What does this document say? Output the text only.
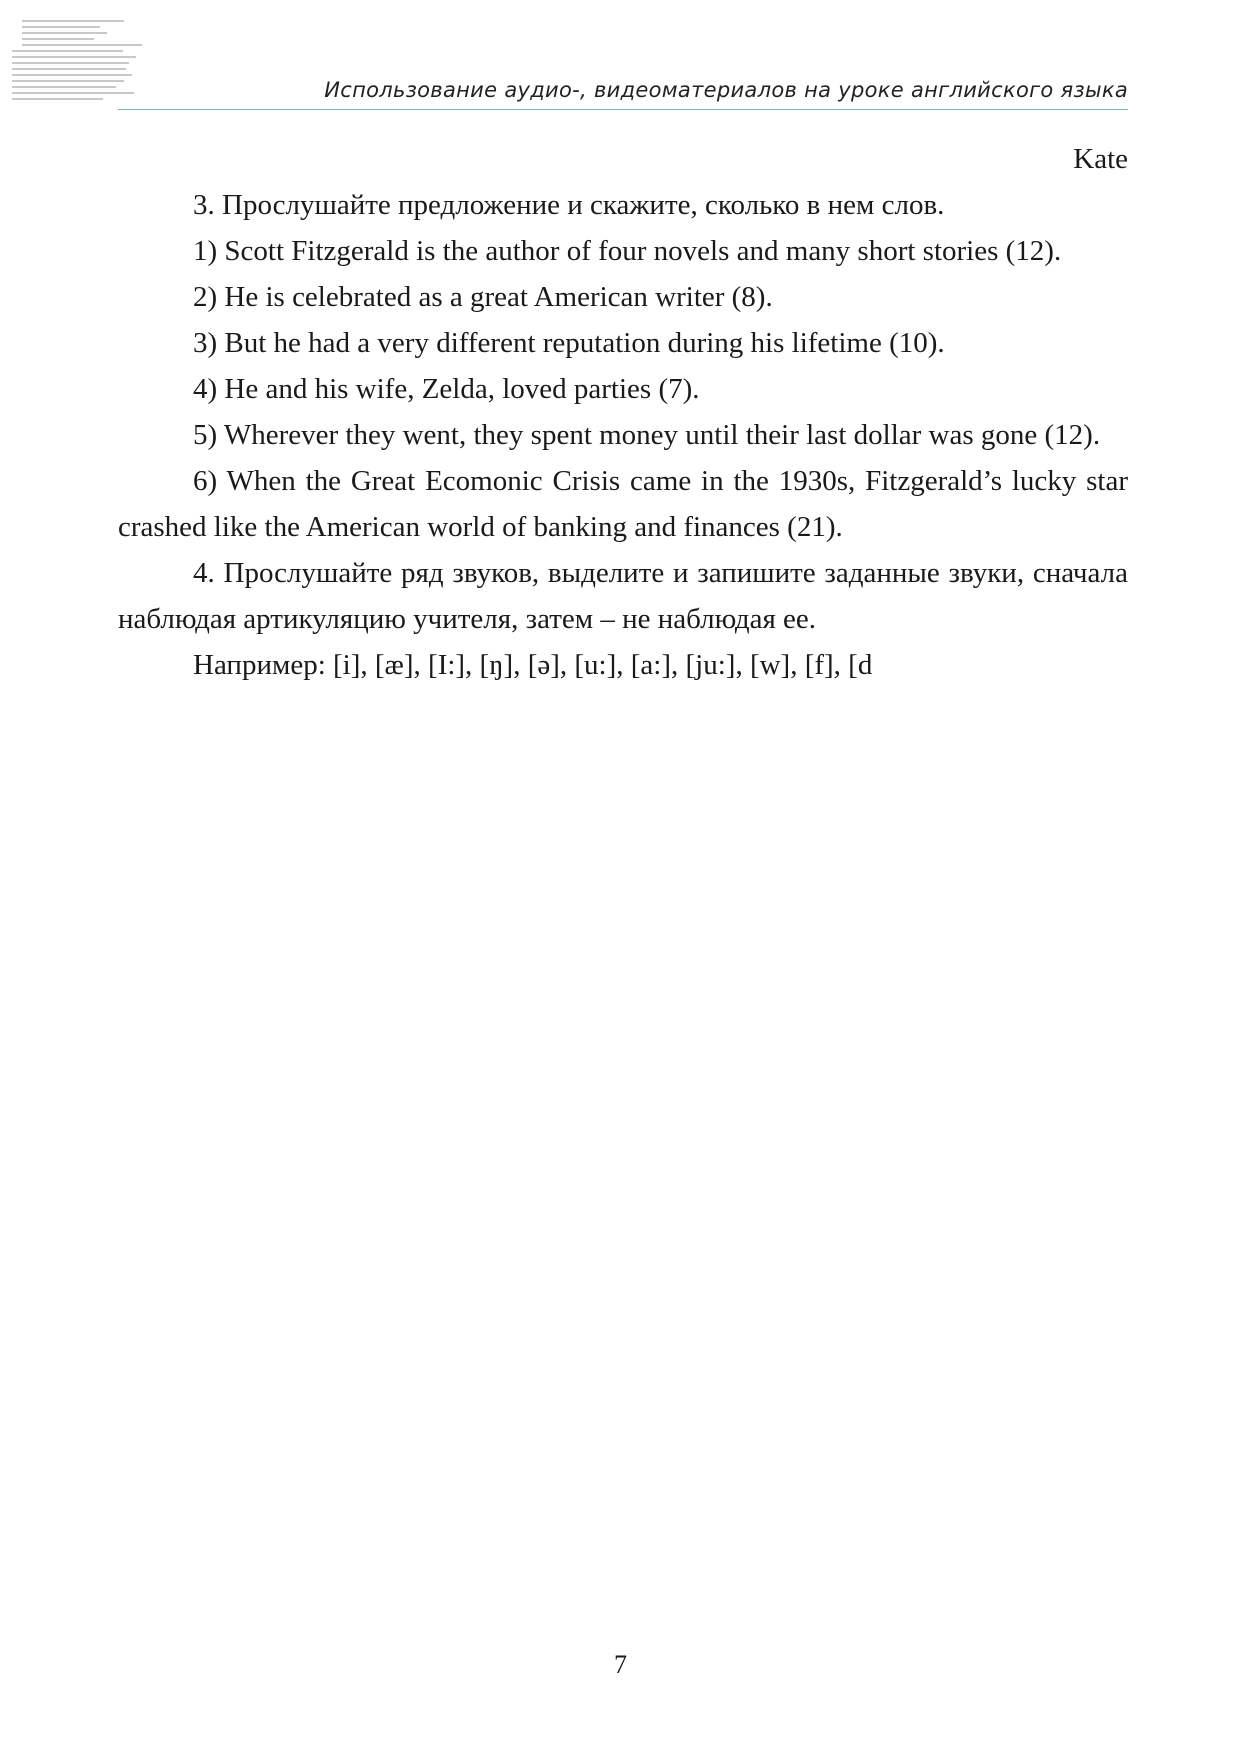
Использование аудио-, видеоматериалов на уроке английского языка

Kate

3. Прослушайте предложение и скажите, сколько в нем слов.

1) Scott Fitzgerald is the author of four novels and many short stories (12).

2) He is celebrated as a great American writer (8).

3) But he had a very different reputation during his lifetime (10).

4) He and his wife, Zelda, loved parties (7).

5) Wherever they went, they spent money until their last dollar was gone (12).

6) When the Great Ecomonic Crisis came in the 1930s, Fitzgerald’s lucky star crashed like the American world of banking and finances (21).

4. Прослушайте ряд звуков, выделите и запишите заданные звуки, сначала наблюдая артикуляцию учителя, затем – не наблюдая ее.

Например: [i], [æ], [I:], [ŋ], [ə], [u:], [a:], [ju:], [w], [f], [d

7
